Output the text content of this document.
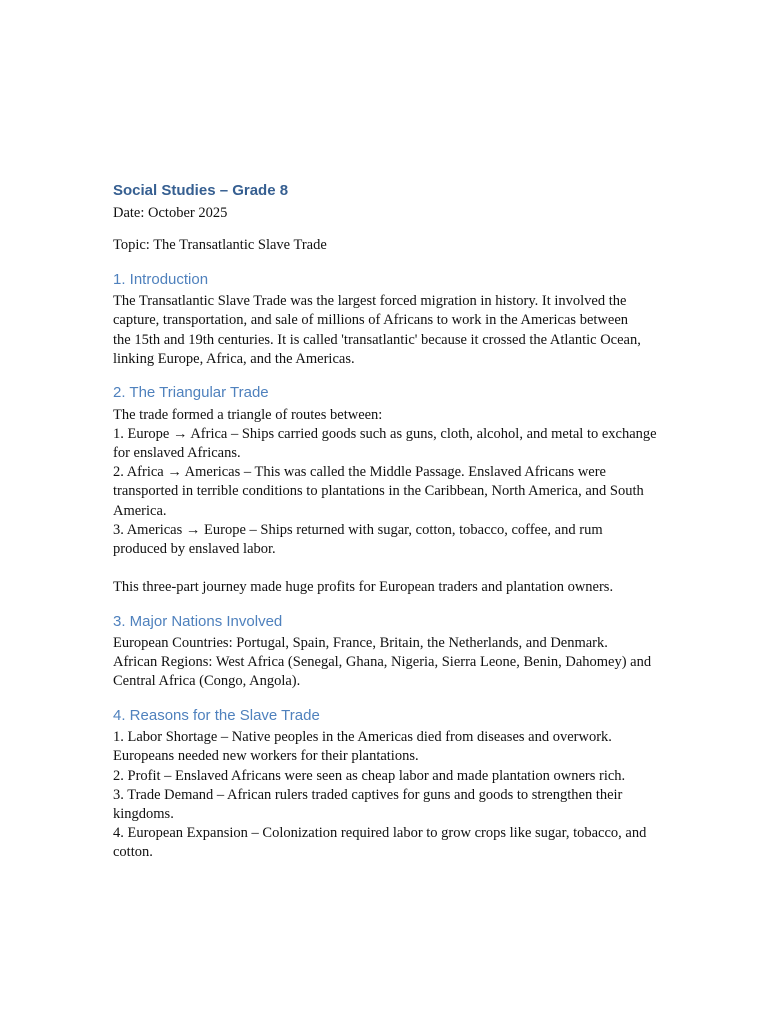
Social Studies – Grade 8
Date: October 2025
Topic: The Transatlantic Slave Trade
1. Introduction
The Transatlantic Slave Trade was the largest forced migration in history. It involved the
capture, transportation, and sale of millions of Africans to work in the Americas between
the 15th and 19th centuries. It is called 'transatlantic' because it crossed the Atlantic Ocean,
linking Europe, Africa, and the Americas.
2. The Triangular Trade
The trade formed a triangle of routes between:
1. Europe → Africa – Ships carried goods such as guns, cloth, alcohol, and metal to exchange
for enslaved Africans.
2. Africa → Americas – This was called the Middle Passage. Enslaved Africans were
transported in terrible conditions to plantations in the Caribbean, North America, and South
America.
3. Americas → Europe – Ships returned with sugar, cotton, tobacco, coffee, and rum
produced by enslaved labor.
This three-part journey made huge profits for European traders and plantation owners.
3. Major Nations Involved
European Countries: Portugal, Spain, France, Britain, the Netherlands, and Denmark.
African Regions: West Africa (Senegal, Ghana, Nigeria, Sierra Leone, Benin, Dahomey) and
Central Africa (Congo, Angola).
4. Reasons for the Slave Trade
1. Labor Shortage – Native peoples in the Americas died from diseases and overwork.
Europeans needed new workers for their plantations.
2. Profit – Enslaved Africans were seen as cheap labor and made plantation owners rich.
3. Trade Demand – African rulers traded captives for guns and goods to strengthen their
kingdoms.
4. European Expansion – Colonization required labor to grow crops like sugar, tobacco, and
cotton.
